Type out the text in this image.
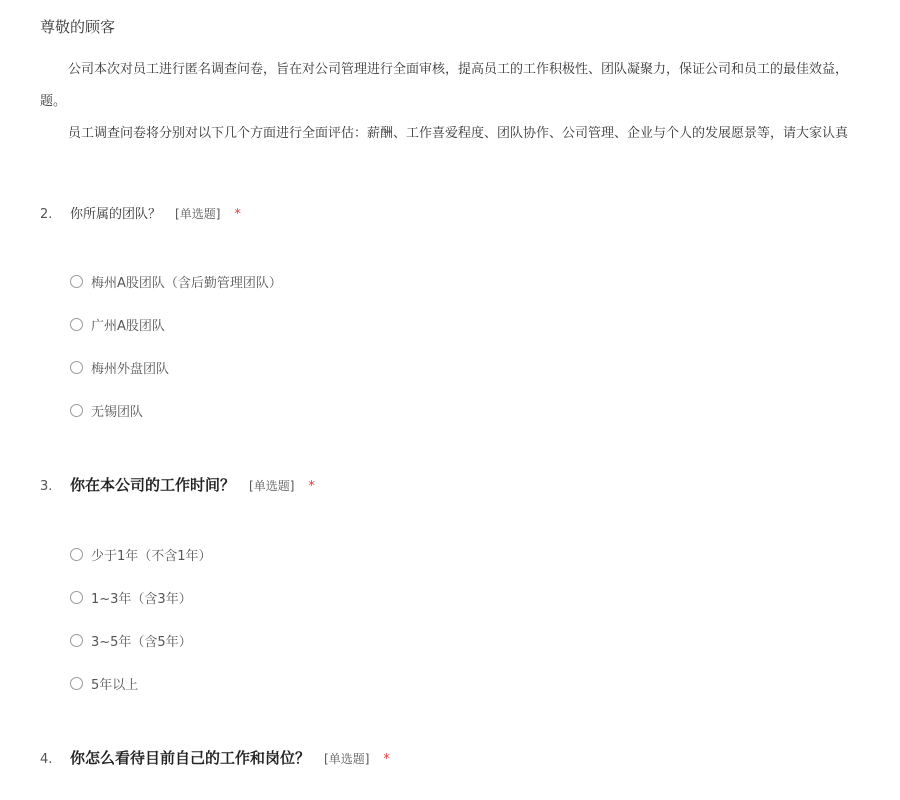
尊敬的顾客
公司本次对员工进行匿名调查问卷，旨在对公司管理进行全面审核，提高员工的工作积极性、团队凝聚力，保证公司和员工的最佳效益，
题。
员工调查问卷将分别对以下几个方面进行全面评估：薪酬、工作喜爱程度、团队协作、公司管理、企业与个人的发展愿景等，请大家认真
2.	你所属的团队？ [单选题] *
梅州A股团队（含后勤管理团队）
广州A股团队
梅州外盘团队
无锡团队
3.	你在本公司的工作时间？ [单选题] *
少于1年（不含1年）
1~3年（含3年）
3~5年（含5年）
5年以上
4.	你怎么看待目前自己的工作和岗位？ [单选题] *
